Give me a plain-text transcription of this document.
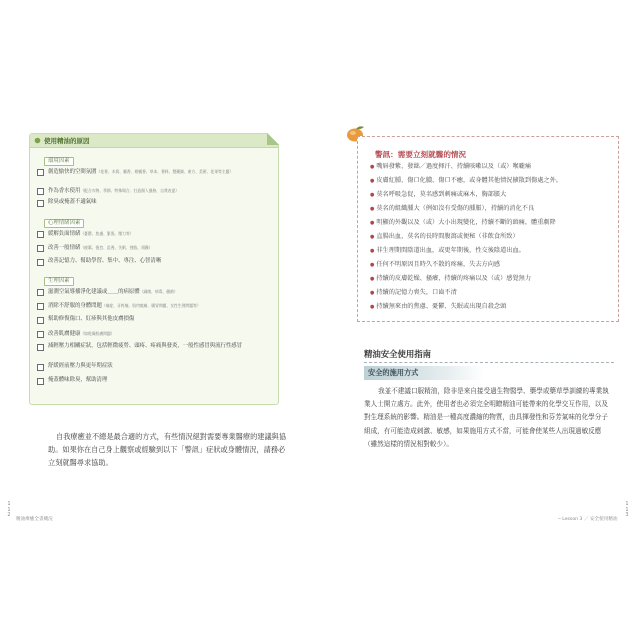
使用精油的原因
環境因素
創造愉快的空間氛圍（花香、木質、麝香、柑橘香、草本、香料、製藥調、東方、美術、花果等主題）
作為香水使用（配合衣物、季節、特殊場合、打造個人風格、自我表達）
除臭或掩蓋不適氣味
心理情緒因素
緩解負面情緒（憂鬱、焦慮、緊張、壓力等）
改善一般情緒（疲累、倦怠、沮喪、失眠、挫敗、煩躁）
改善記憶力、幫助學習、集中、專注、心智清晰
生理因素
滋潤空氣導播淨化建議或＿＿的病原體（細菌、病毒、黴菌）
消除不舒服的身體問題（痛症、牙疼痛、肌肉痠痛、腸胃問題、女性生理問題等）
幫助修復傷口、紅疹與其他皮膚損傷
改善肌膚健康（如乾燥肌膚問題）
減輕壓力相關症狀，包括輕微疲勞、頭疼、疼痛與發炎，一般性感冒與流行性感冒
舒緩經前壓力與更年期症狀
掩蓋體味除臭，幫助清理
自我療癒並不總是最合適的方式，有些情況絕對需要專業醫療的建議與協助。如果你在自己身上觀察或經驗到以下「警訊」症狀或身體情況，請務必立刻就醫尋求協助。
警訊：需要立刻就醫的情況
● 嘴唇發紫、發絀／過度揮汗、持續咳嗽以及（或）喉嚨痛
● 皮膚紅腫、傷口化膿、傷口不癒，或身體其他情況擴散到傷處之外。
● 莫名呼吸急促，莫名感到刺痛或麻木，胸部脹大
● 莫名的組織腫大（例如沒有受傷的腫脹），持續的消化不良
● 明顯的外觀以及（或）大小出現變化，持續不斷的頭痛，體重劇降
● 直腸出血，莫名的長時間腹瀉或便秘（非飲食所致）
● 非生理期間陰道出血，或更年期後，性交後陰道出血。
● 任何不明原因且時久不散的疼痛，失去方向感
● 持續的皮膚乾燥、搔癢，持續的疼痛以及（或）感覺無力
● 持續的記憶力喪失，口齒不清
● 持續無來由的焦慮、憂鬱、失眠或出現自殺念頭
精油安全使用指南
安全的施用方式
我並不建議口服精油，除非是來自接受過生物醫學、藥學或藥草學訓練的專業執業人士開立處方。此外，使用者也必須完全明瞭精油可能帶來的化學交互作用，以及對生理系統的影響。精油是一種高度濃縮的物質，由具揮發性和芬芳氣味的化學分子組成，有可能造成刺激、敏感，如果施用方式不當，可能會使某些人出現過敏反應（雖然這樣的情況相對較少）。
1
1
2
精油療癒全書概況	─ Lesson 3 ／ 安全使用精油
1
1
3
